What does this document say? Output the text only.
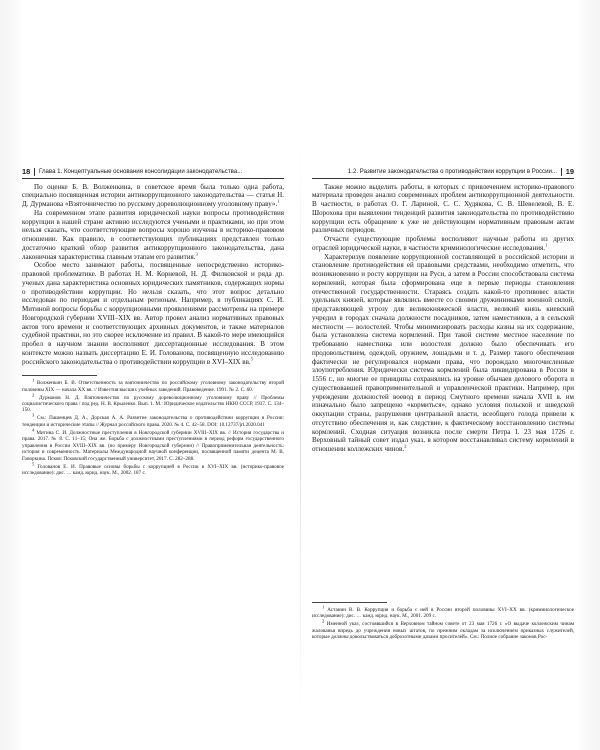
18 Глава 1. Концептуальные основания консолидации законодательства...

По оценке Б. В. Волженкина, в советское время была только одна работа, специально посвященная истории антикоррупционного законодательства — статья Н. Д. Дурманова «Взяточничество по русскому дореволюционному уголовному праву».$^1$

На современном этапе развития юридической науки вопросы противодействия коррупции в нашей стране активно исследуются учеными и практиками, но при этом нельзя сказать, что соответствующие вопросы хорошо изучены в историко-правовом отношении. Как правило, в соответствующих публикациях представлен только достаточно краткий обзор развития антикоррупционного законодательства, дана лаконичная характеристика главным этапам его развития.$^3$

Особое место занимают работы, посвященные непосредственно историко-правовой проблематике. В работах Н. М. Корневой, Н. Д. Филковской и ряда др. ученых дана характеристика основных юридических памятников, содержащих нормы о противодействии коррупции. Но нельзя сказать, что этот вопрос детально исследован по периодам и отдельным регионам. Например, в публикациях С. И. Митиной вопросы борьбы с коррупционными проявлениями рассмотрены на примере Новгородской губернии XVIII–XIX вв. Автор провел анализ нормативных правовых актов того времени и соответствующих архивных документов, и также материалов судебной практики, но это скорее исключение из правил. В какой-то мере имеющийся пробел в научном знании восполняют диссертационные исследования. В этом контексте можно назвать диссертацию Е. И. Голованова, посвященную исследованию российского законодательства о противодействии коррупции в XVI–XIX вв.$^5$

$^1$ Волженкин Б. В. Ответственность за взяточничество по российскому уголовному законодательству второй половины XIX — начала XX вв. // Известия высших учебных заведений. Правоведение. 1991. № 2. С. 60.

$^2$ Дурманов Н. Д. Взяточничество по русскому дореволюционному уголовному праву // Проблемы социалистического права / под ред. Н. В. Крыленко. Вып. 1. М.: Юридическое издательство НКЮ СССР, 1937. С. 134–150.

$^3$ См.: Пашенцев Д. А., Дорская А. А. Развитие законодательства о противодействии коррупции в России: тенденции и исторические этапы // Журнал российского права. 2020. № 4. С. 42–58. DOI: 10.12737/jrl.2020.041

$^4$ Митина С. И. Должностные преступления в Новгородской губернии XVIII–XIX вв. // История государства и права. 2017. № 8. С. 11–15; Она же. Борьба с должностными преступлениями в период реформ государственного управления в России XVIII–XIX вв. (по примеру Новгородской губернии) // Правоприменительная деятельность: история и современность. Материалы Международной научной конференции, посвященной памяти доцента М. В. Говоркина. Псков: Псковский государственный университет, 2017. С. 282–288.

$^5$ Голованов Е. И. Правовые основы борьбы с коррупцией в России в XVI–XIX вв. (историко-правовое исследование): дис. … канд. юрид. наук. М., 2002. 187 с.

1.2. Развитие законодательства о противодействии коррупции в России... 19

Также можно выделить работы, в которых с привлечением историко-правового материала проведен анализ современных проблем антикоррупционной деятельности. В частности, в работах О. Г. Лариной, С. С. Худякова, С. В. Шевелевой, В. Е. Шорохова при выявлении тенденций развития законодательства по противодействию коррупции есть обращение к уже не действующим нормативным правовым актам различных периодов.

Отчасти существующие проблемы восполняют научные работы из других отраслей юридической науки, в частности криминологические исследования.$^1$

Характеризуя появление коррупционной составляющей в российской истории и становление противодействия ей правовыми средствами, необходимо отметить, что возникновению и росту коррупции на Руси, а затем в России способствовала система кормлений, которая была сформирована еще в первые периоды становления отечественной государственности. Стараясь создать какой-то противовес власти удельных князей, которые являлись вместе со своими дружинниками военной силой, представляющей угрозу для великокняжеской власти, великий князь киевский учредил в городах сначала должности посадников, затем наместников, а в сельской местности — волостелей. Чтобы минимизировать расходы казны на их содержание, была установлена система кормлений. При такой системе местное население по требованию наместника или волостеля должно было обеспечивать его продовольствием, одеждой, оружием, лошадьми и т. д. Размер такого обеспечения фактически не регулировался нормами права, что порождало многочисленные злоупотребления. Юридически система кормлений была ликвидирована в России в 1556 г., но многие ее принципы сохранялись на уровне обычаев делового оборота и существовавшей правоприменительной и управленческой практики. Например, при учреждении должностей воевод в период Смутного времени начала XVII в. им изначально было запрещено «кормиться», однако условия польской и шведской оккупации страны, разрушения центральной власти, всеобщего голода привели к отсутствию обеспечения и, как следствие, к фактическому восстановлению системы кормлений. Сходная ситуация возникла после смерти Петра I. 23 мая 1726 г. Верховный тайный совет издал указ, в котором восстанавливал систему кормлений в отношении коллежских чинов.$^2$

$^1$ Астанин В. В. Коррупция и борьба с ней в России второй половины XVI–XX вв. (криминологическое исследование): дис. … канд. юрид. наук. М., 2001. 209 с.

$^2$ Именной указ, состоявшийся в Верховном тайном совете от 23 мая 1726 г. «О выдаче коллежским чинам жалованья впредь до учреждения новых штатов, по прежним окладам за исключением приказных служителей, которые должны довольствоваться доброхотными дачами просителей». См.: Полное собрание законов Рос-
